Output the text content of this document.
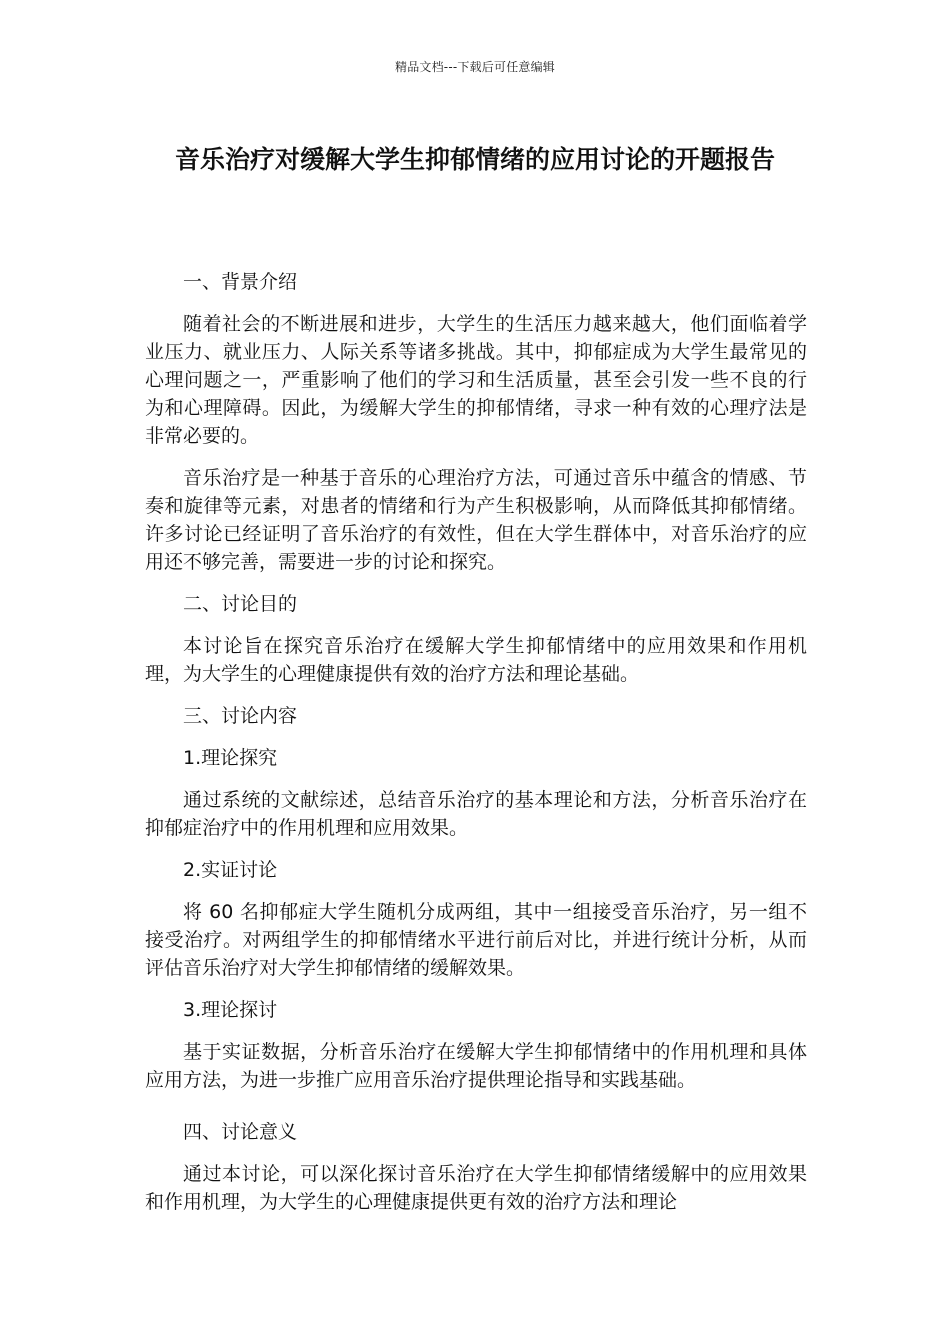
精品文档---下载后可任意编辑
音乐治疗对缓解大学生抑郁情绪的应用讨论的开题报告

一、背景介绍

随着社会的不断进展和进步，大学生的生活压力越来越大，他们面临着学业压力、就业压力、人际关系等诸多挑战。其中，抑郁症成为大学生最常见的心理问题之一，严重影响了他们的学习和生活质量，甚至会引发一些不良的行为和心理障碍。因此，为缓解大学生的抑郁情绪，寻求一种有效的心理疗法是非常必要的。

音乐治疗是一种基于音乐的心理治疗方法，可通过音乐中蕴含的情感、节奏和旋律等元素，对患者的情绪和行为产生积极影响，从而降低其抑郁情绪。许多讨论已经证明了音乐治疗的有效性，但在大学生群体中，对音乐治疗的应用还不够完善，需要进一步的讨论和探究。

二、讨论目的

本讨论旨在探究音乐治疗在缓解大学生抑郁情绪中的应用效果和作用机理，为大学生的心理健康提供有效的治疗方法和理论基础。

三、讨论内容

1.理论探究

通过系统的文献综述，总结音乐治疗的基本理论和方法，分析音乐治疗在抑郁症治疗中的作用机理和应用效果。

2.实证讨论

将 60 名抑郁症大学生随机分成两组，其中一组接受音乐治疗，另一组不接受治疗。对两组学生的抑郁情绪水平进行前后对比，并进行统计分析，从而评估音乐治疗对大学生抑郁情绪的缓解效果。

3.理论探讨

基于实证数据，分析音乐治疗在缓解大学生抑郁情绪中的作用机理和具体应用方法，为进一步推广应用音乐治疗提供理论指导和实践基础。

四、讨论意义

通过本讨论，可以深化探讨音乐治疗在大学生抑郁情绪缓解中的应用效果和作用机理，为大学生的心理健康提供更有效的治疗方法和理论
